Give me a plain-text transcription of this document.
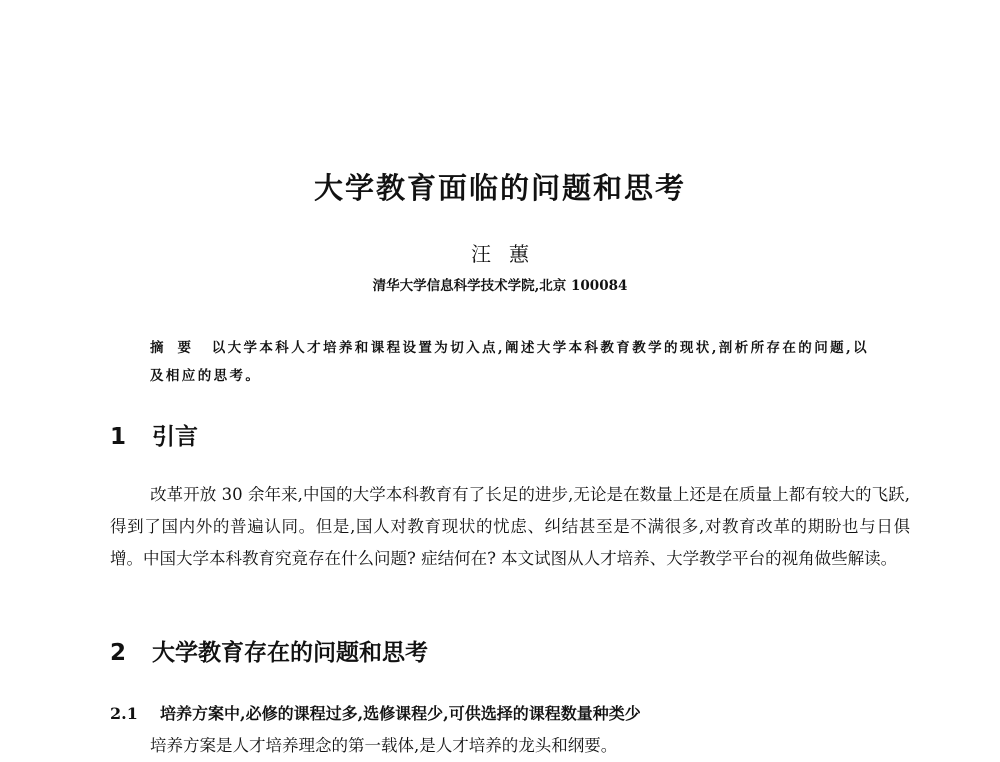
大学教育面临的问题和思考
汪蕙
清华大学信息科学技术学院,北京 100084
摘要 以大学本科人才培养和课程设置为切入点,阐述大学本科教育教学的现状,剖析所存在的问题,以及相应的思考。
1 引言
改革开放 30 余年来,中国的大学本科教育有了长足的进步,无论是在数量上还是在质量上都有较大的飞跃,得到了国内外的普遍认同。但是,国人对教育现状的忧虑、纠结甚至是不满很多,对教育改革的期盼也与日俱增。中国大学本科教育究竟存在什么问题? 症结何在? 本文试图从人才培养、大学教学平台的视角做些解读。
2 大学教育存在的问题和思考
2.1 培养方案中,必修的课程过多,选修课程少,可供选择的课程数量种类少
培养方案是人才培养理念的第一载体,是人才培养的龙头和纲要。
